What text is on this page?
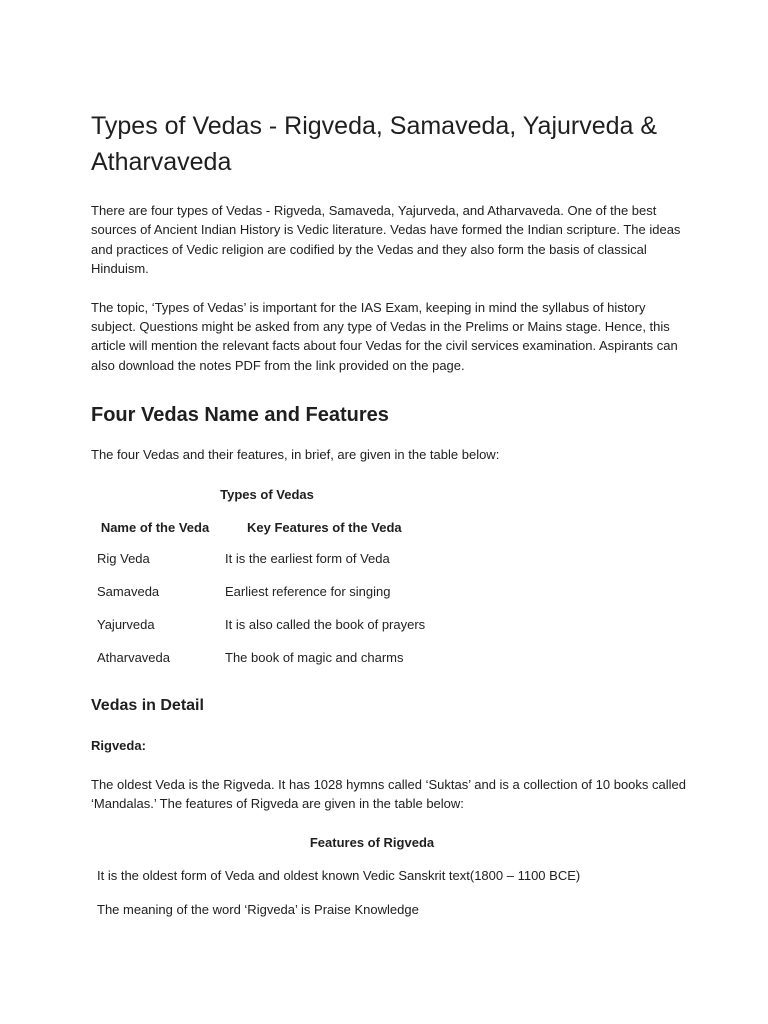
Types of Vedas - Rigveda, Samaveda, Yajurveda & Atharvaveda

There are four types of Vedas - Rigveda, Samaveda, Yajurveda, and Atharvaveda. One of the best sources of Ancient Indian History is Vedic literature. Vedas have formed the Indian scripture. The ideas and practices of Vedic religion are codified by the Vedas and they also form the basis of classical Hinduism.

The topic, ‘Types of Vedas’ is important for the IAS Exam, keeping in mind the syllabus of history subject. Questions might be asked from any type of Vedas in the Prelims or Mains stage. Hence, this article will mention the relevant facts about four Vedas for the civil services examination. Aspirants can also download the notes PDF from the link provided on the page.

Four Vedas Name and Features

The four Vedas and their features, in brief, are given in the table below:

Types of Vedas
Name of the Veda	Key Features of the Veda
Rig Veda	It is the earliest form of Veda
Samaveda	Earliest reference for singing
Yajurveda	It is also called the book of prayers
Atharvaveda	The book of magic and charms
Vedas in Detail
Rigveda:

The oldest Veda is the Rigveda. It has 1028 hymns called ‘Suktas’ and is a collection of 10 books called ‘Mandalas.’ The features of Rigveda are given in the table below:

Features of Rigveda

It is the oldest form of Veda and oldest known Vedic Sanskrit text(1800 – 1100 BCE)

The meaning of the word ‘Rigveda’ is Praise Knowledge
